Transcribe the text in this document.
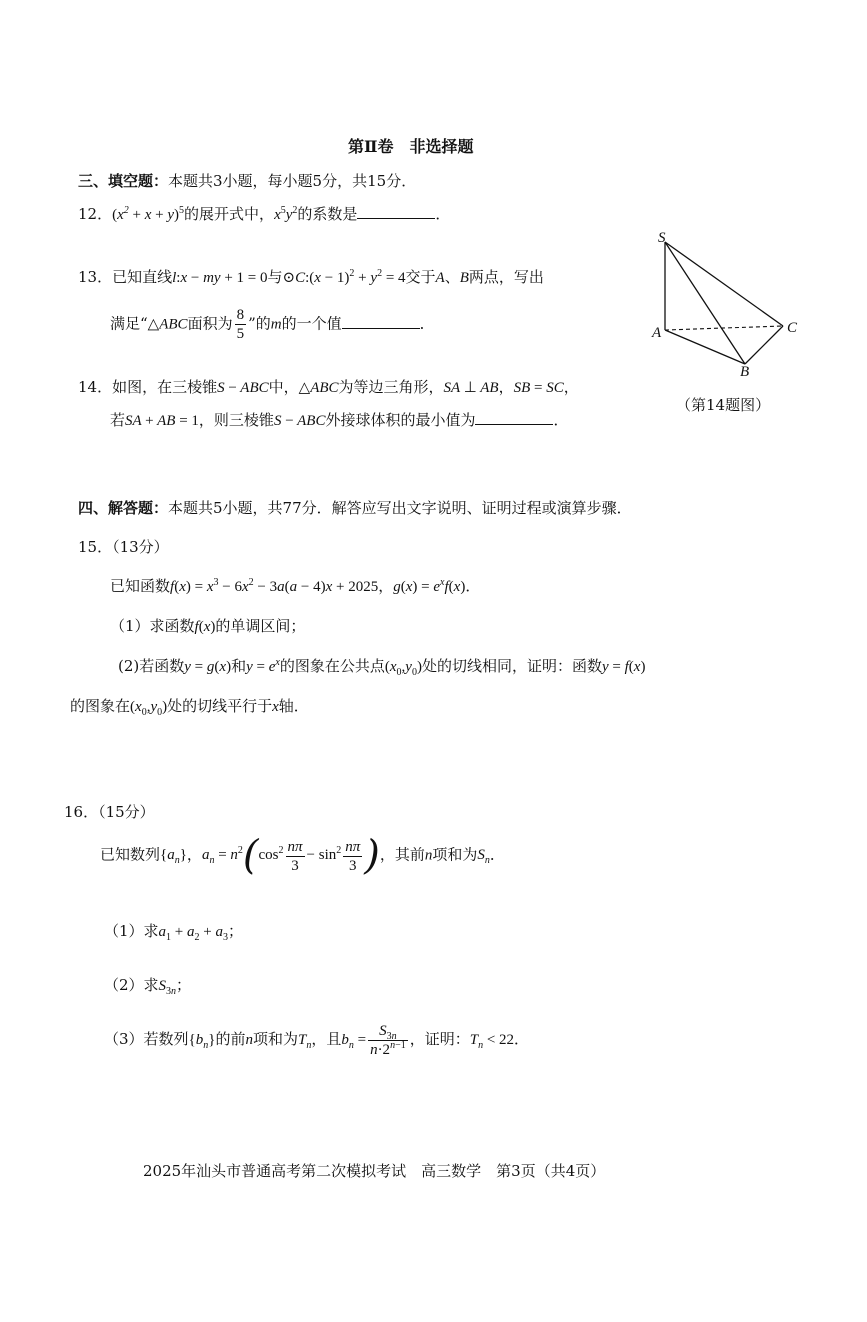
第Ⅱ卷　非选择题
三、填空题：本题共3小题，每小题5分，共15分．
12．$(x^2 + x + y)^5$的展开式中，$x^5y^2$的系数是	．
13．已知直线l:x − my + 1 = 0与⊙C:(x − $1)^2 + y^2 = 4$交于A、B两点，写出
满足“△ABC面积为 $\frac{8}{5}$ ”的m的一个值	．
14．如图，在三棱锥S − ABC中，△ABC为等边三角形，SA ⊥ AB，SB = SC，
若SA + AB = 1，则三棱锥S − ABC外接球体积的最小值为	．
S
A
B
C
（第14题图）
四、解答题：本题共5小题，共77分．解答应写出文字说明、证明过程或演算步骤．
15．（13分）
已知函数$f(x) = x^3 - 6x^2 - 3a(a - 4)x + 2025$，$g(x) = e^xf(x)$．
（1）求函数f(x)的单调区间；
(2)若函数y = g(x)和$y = e^x$的图象在公共点$(x_0,y_0)$处的切线相同，证明：函数y = f(x)
的图象在$(x_0,y_0)$处的切线平行于x轴．
16．（15分）
已知数列$\{a_n\}$，$a_n = n^2(\cos^2 \frac{n\pi}{3} - \sin^2 \frac{n\pi}{3}$ )，其前n项和为$S_n$．
（1）求$a_1 + a_2 + a_3$；
（2）求$S_{3n}$；
（3）若数列$\{b_n\}$的前n项和为$T_n$，且$b_n = \frac{S_{3n}}{n\cdot 2^{n-1}}$ ，证明：$T_n < 22$．
2025年汕头市普通高考第二次模拟考试　高三数学　第3页（共4页）
